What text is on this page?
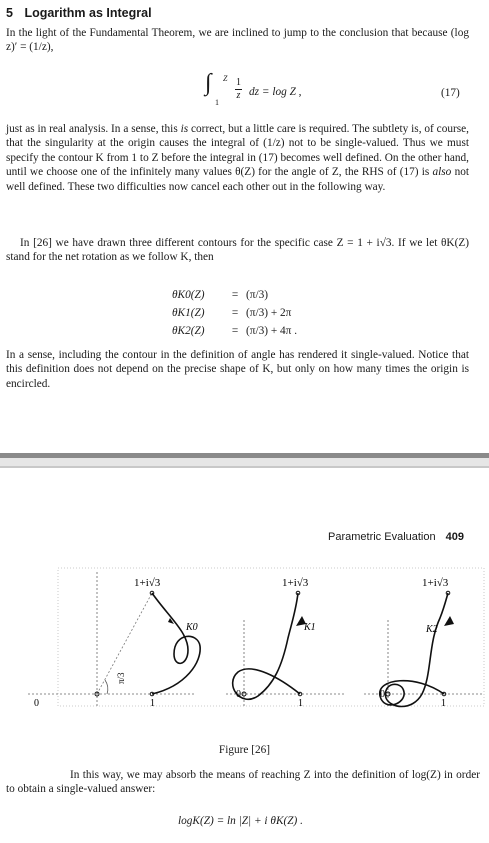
5 Logarithm as Integral
In the light of the Fundamental Theorem, we are inclined to jump to the conclusion that because (log z)′ = (1/z),
∫ Z
1
1
z dz = log Z ,	(17)
just as in real analysis. In a sense, this is correct, but a little care is required. The subtlety is, of course, that the singularity at the origin causes the integral of (1/z) not to be single-valued. Thus we must specify the contour K from 1 to Z before the integral in (17) becomes well defined. On the other hand, until we choose one of the infinitely many values θ(Z) for the angle of Z, the RHS of (17) is also not well defined. These two difficulties now cancel each other out in the following way.
In [26] we have drawn three different contours for the specific case Z = 1 + i√3. If we let θK(Z) stand for the net rotation as we follow K, then
θK0(Z) = (π/3)
θK1(Z) = (π/3) + 2π
θK2(Z) = (π/3) + 4π .
In a sense, including the contour in the definition of angle has rendered it single-valued. Notice that this definition does not depend on the precise shape of K, but only on how many times the origin is encircled.
Parametric Evaluation 409
1+i√3
K0
0	1
π/3
1+i√3
K1
0
1
1+i√3
K2
0
1
Figure [26]
In this way, we may absorb the means of reaching Z into the definition of log(Z) in order to obtain a single-valued answer:
logK(Z) = ln |Z| + i θK(Z) .
